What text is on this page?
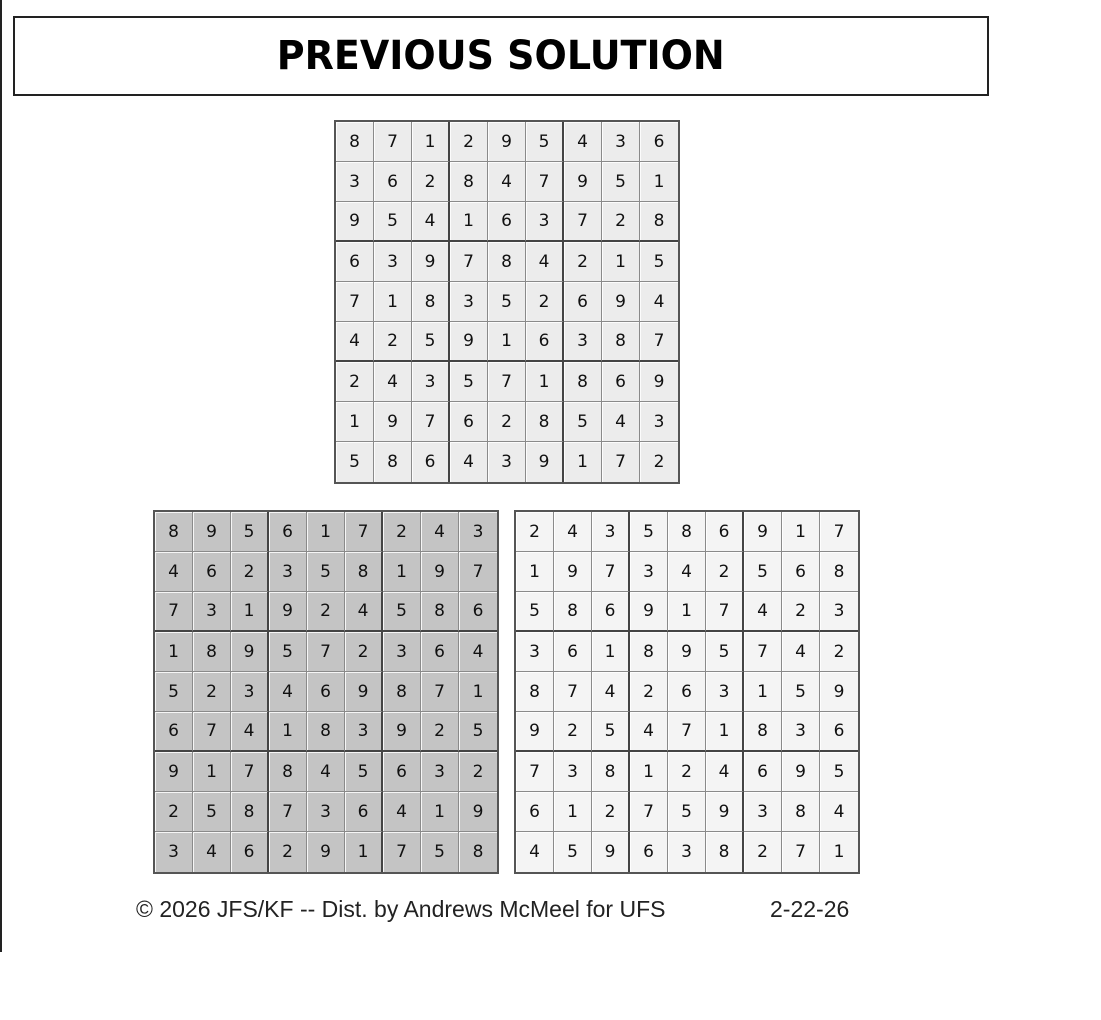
PREVIOUS SOLUTION
8	7	1	2	9	5	4	3	6
3	6	2	8	4	7	9	5	1
9	5	4	1	6	3	7	2	8
6	3	9	7	8	4	2	1	5
7	1	8	3	5	2	6	9	4
4	2	5	9	1	6	3	8	7
2	4	3	5	7	1	8	6	9
1	9	7	6	2	8	5	4	3
5	8	6	4	3	9	1	7	2
8	9	5	6	1	7	2	4	3
4	6	2	3	5	8	1	9	7
7	3	1	9	2	4	5	8	6
1	8	9	5	7	2	3	6	4
5	2	3	4	6	9	8	7	1
6	7	4	1	8	3	9	2	5
9	1	7	8	4	5	6	3	2
2	5	8	7	3	6	4	1	9
3	4	6	2	9	1	7	5	8
2	4	3	5	8	6	9	1	7
1	9	7	3	4	2	5	6	8
5	8	6	9	1	7	4	2	3
3	6	1	8	9	5	7	4	2
8	7	4	2	6	3	1	5	9
9	2	5	4	7	1	8	3	6
7	3	8	1	2	4	6	9	5
6	1	2	7	5	9	3	8	4
4	5	9	6	3	8	2	7	1
© 2026 JFS/KF -- Dist. by Andrews McMeel for UFS	2-22-26
